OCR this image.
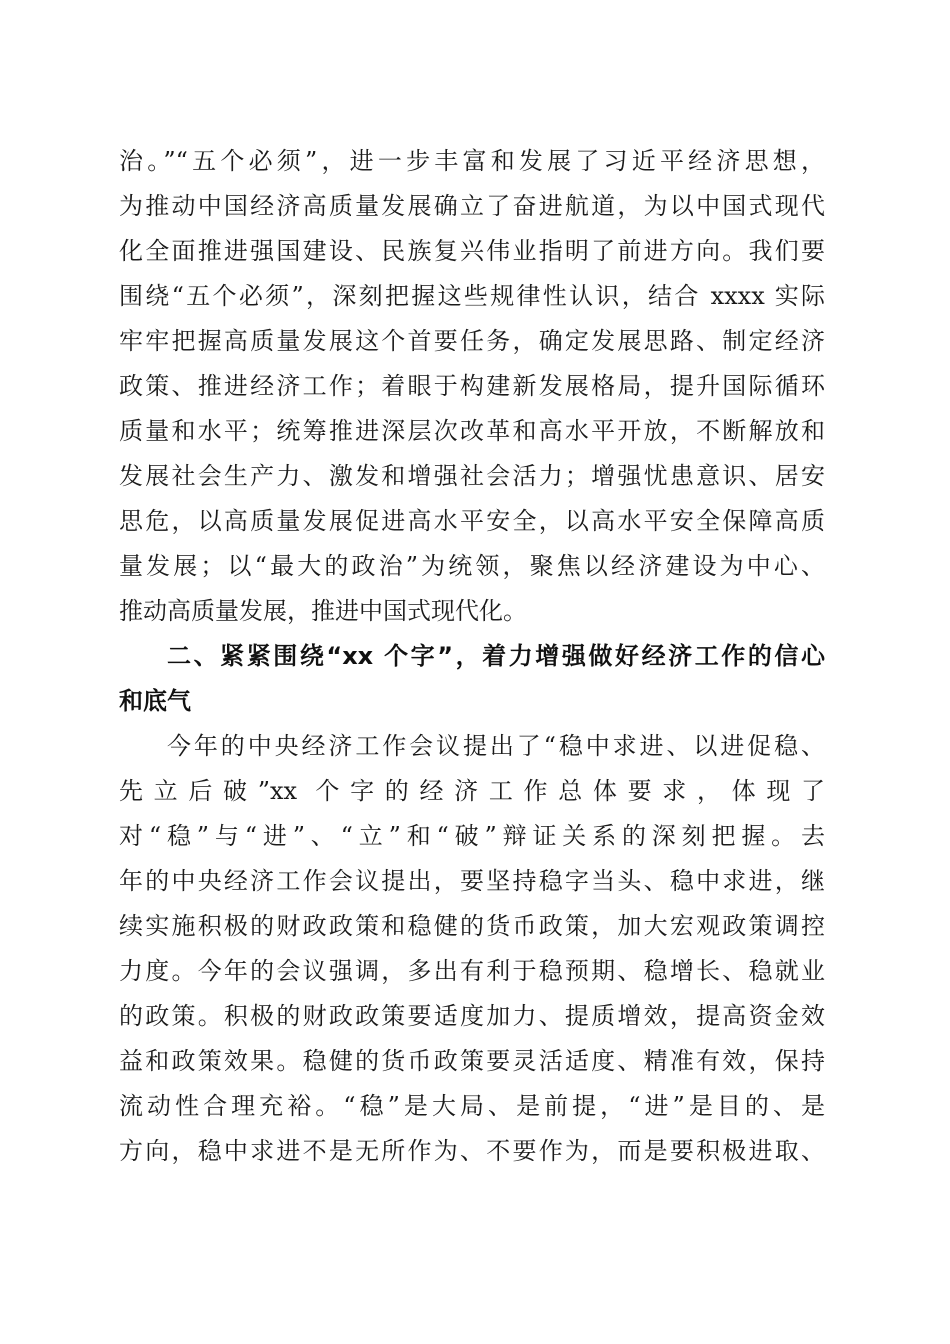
治。”“五个必须”，进一步丰富和发展了习近平经济思想，
为推动中国经济高质量发展确立了奋进航道，为以中国式现代
化全面推进强国建设、民族复兴伟业指明了前进方向。我们要
围绕“五个必须”，深刻把握这些规律性认识，结合 xxxx 实际
牢牢把握高质量发展这个首要任务，确定发展思路、制定经济
政策、推进经济工作；着眼于构建新发展格局，提升国际循环
质量和水平；统筹推进深层次改革和高水平开放，不断解放和
发展社会生产力、激发和增强社会活力；增强忧患意识、居安
思危，以高质量发展促进高水平安全，以高水平安全保障高质
量发展；以“最大的政治”为统领，聚焦以经济建设为中心、
推动高质量发展，推进中国式现代化。
二、紧紧围绕“xx 个字”，着力增强做好经济工作的信心
和底气
今年的中央经济工作会议提出了“稳中求进、以进促稳、
先立后破”xx 个字的经济工作总体要求，体现了
对“稳”与“进”、“立”和“破”辩证关系的深刻把握。去
年的中央经济工作会议提出，要坚持稳字当头、稳中求进，继
续实施积极的财政政策和稳健的货币政策，加大宏观政策调控
力度。今年的会议强调，多出有利于稳预期、稳增长、稳就业
的政策。积极的财政政策要适度加力、提质增效，提高资金效
益和政策效果。稳健的货币政策要灵活适度、精准有效，保持
流动性合理充裕。“稳”是大局、是前提，“进”是目的、是
方向，稳中求进不是无所作为、不要作为，而是要积极进取、
